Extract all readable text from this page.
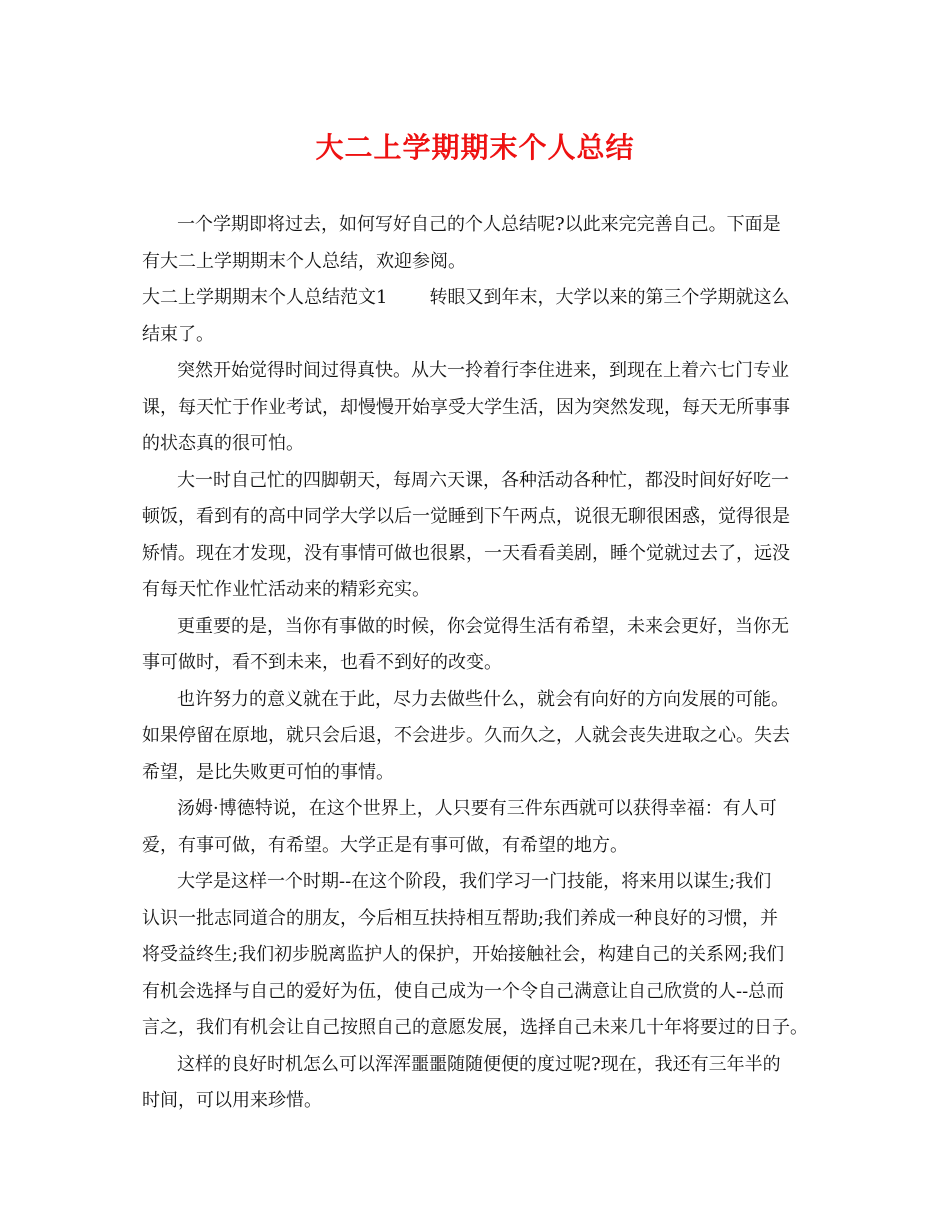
大二上学期期末个人总结
一个学期即将过去，如何写好自己的个人总结呢?以此来完完善自己。下面是
有大二上学期期末个人总结，欢迎参阅。
大二上学期期末个人总结范文1 转眼又到年末，大学以来的第三个学期就这么
结束了。
突然开始觉得时间过得真快。从大一拎着行李住进来，到现在上着六七门专业
课，每天忙于作业考试，却慢慢开始享受大学生活，因为突然发现，每天无所事事
的状态真的很可怕。
大一时自己忙的四脚朝天，每周六天课，各种活动各种忙，都没时间好好吃一
顿饭，看到有的高中同学大学以后一觉睡到下午两点，说很无聊很困惑，觉得很是
矫情。现在才发现，没有事情可做也很累，一天看看美剧，睡个觉就过去了，远没
有每天忙作业忙活动来的精彩充实。
更重要的是，当你有事做的时候，你会觉得生活有希望，未来会更好，当你无
事可做时，看不到未来，也看不到好的改变。
也许努力的意义就在于此，尽力去做些什么，就会有向好的方向发展的可能。
如果停留在原地，就只会后退，不会进步。久而久之，人就会丧失进取之心。失去
希望，是比失败更可怕的事情。
汤姆·博德特说，在这个世界上，人只要有三件东西就可以获得幸福：有人可
爱，有事可做，有希望。大学正是有事可做，有希望的地方。
大学是这样一个时期--在这个阶段，我们学习一门技能，将来用以谋生;我们
认识一批志同道合的朋友，今后相互扶持相互帮助;我们养成一种良好的习惯，并
将受益终生;我们初步脱离监护人的保护，开始接触社会，构建自己的关系网;我们
有机会选择与自己的爱好为伍，使自己成为一个令自己满意让自己欣赏的人--总而
言之，我们有机会让自己按照自己的意愿发展，选择自己未来几十年将要过的日子。
这样的良好时机怎么可以浑浑噩噩随随便便的度过呢?现在，我还有三年半的
时间，可以用来珍惜。
